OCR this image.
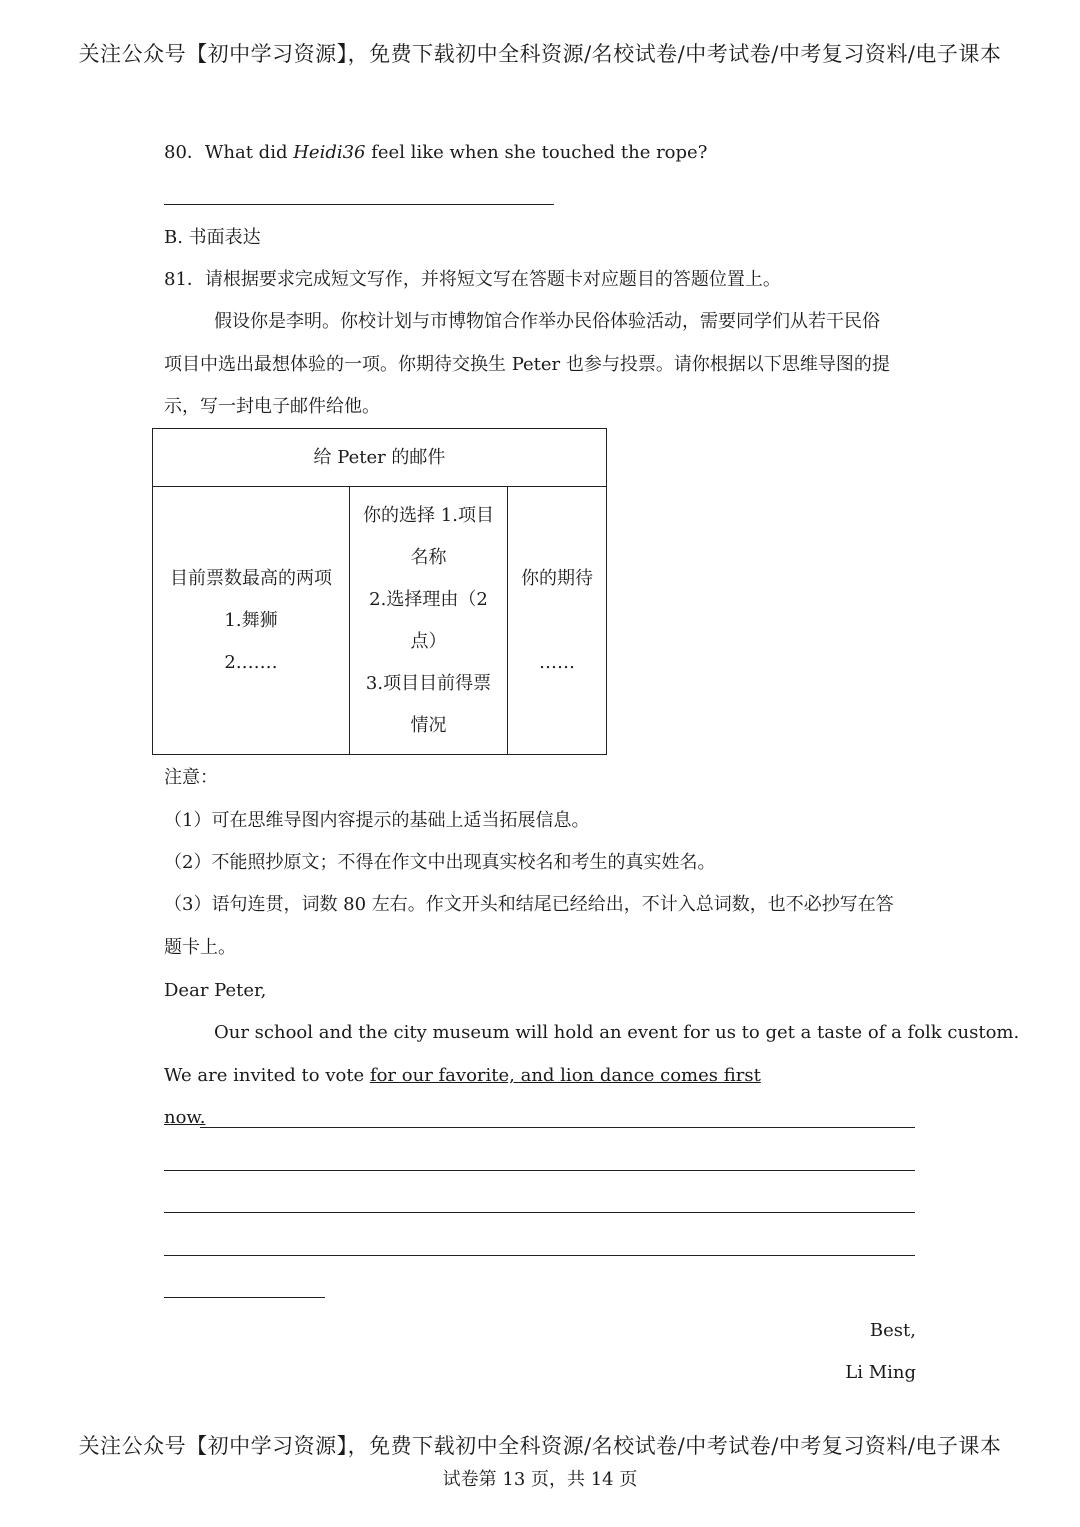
关注公众号【初中学习资源】，免费下载初中全科资源/名校试卷/中考试卷/中考复习资料/电子课本
80．What did Heidi36 feel like when she touched the rope?
B. 书面表达
81．请根据要求完成短文写作，并将短文写在答题卡对应题目的答题位置上。
假设你是李明。你校计划与市博物馆合作举办民俗体验活动，需要同学们从若干民俗
项目中选出最想体验的一项。你期待交换生 Peter 也参与投票。请你根据以下思维导图的提
示，写一封电子邮件给他。
给 Peter 的邮件

目前票数最高的两项
1.舞狮
2.……

你的选择 1.项目
名称
2.选择理由（2
点）
3.项目目前得票
情况

你的期待
……
注意：
（1）可在思维导图内容提示的基础上适当拓展信息。
（2）不能照抄原文；不得在作文中出现真实校名和考生的真实姓名。
（3）语句连贯，词数 80 左右。作文开头和结尾已经给出，不计入总词数，也不必抄写在答
题卡上。
Dear Peter,
Our school and the city museum will hold an event for us to get a taste of a folk custom.
We are invited to vote for our favorite, and lion dance comes first
now.
Best,
Li Ming
关注公众号【初中学习资源】，免费下载初中全科资源/名校试卷/中考试卷/中考复习资料/电子课本
试卷第 13 页，共 14 页
